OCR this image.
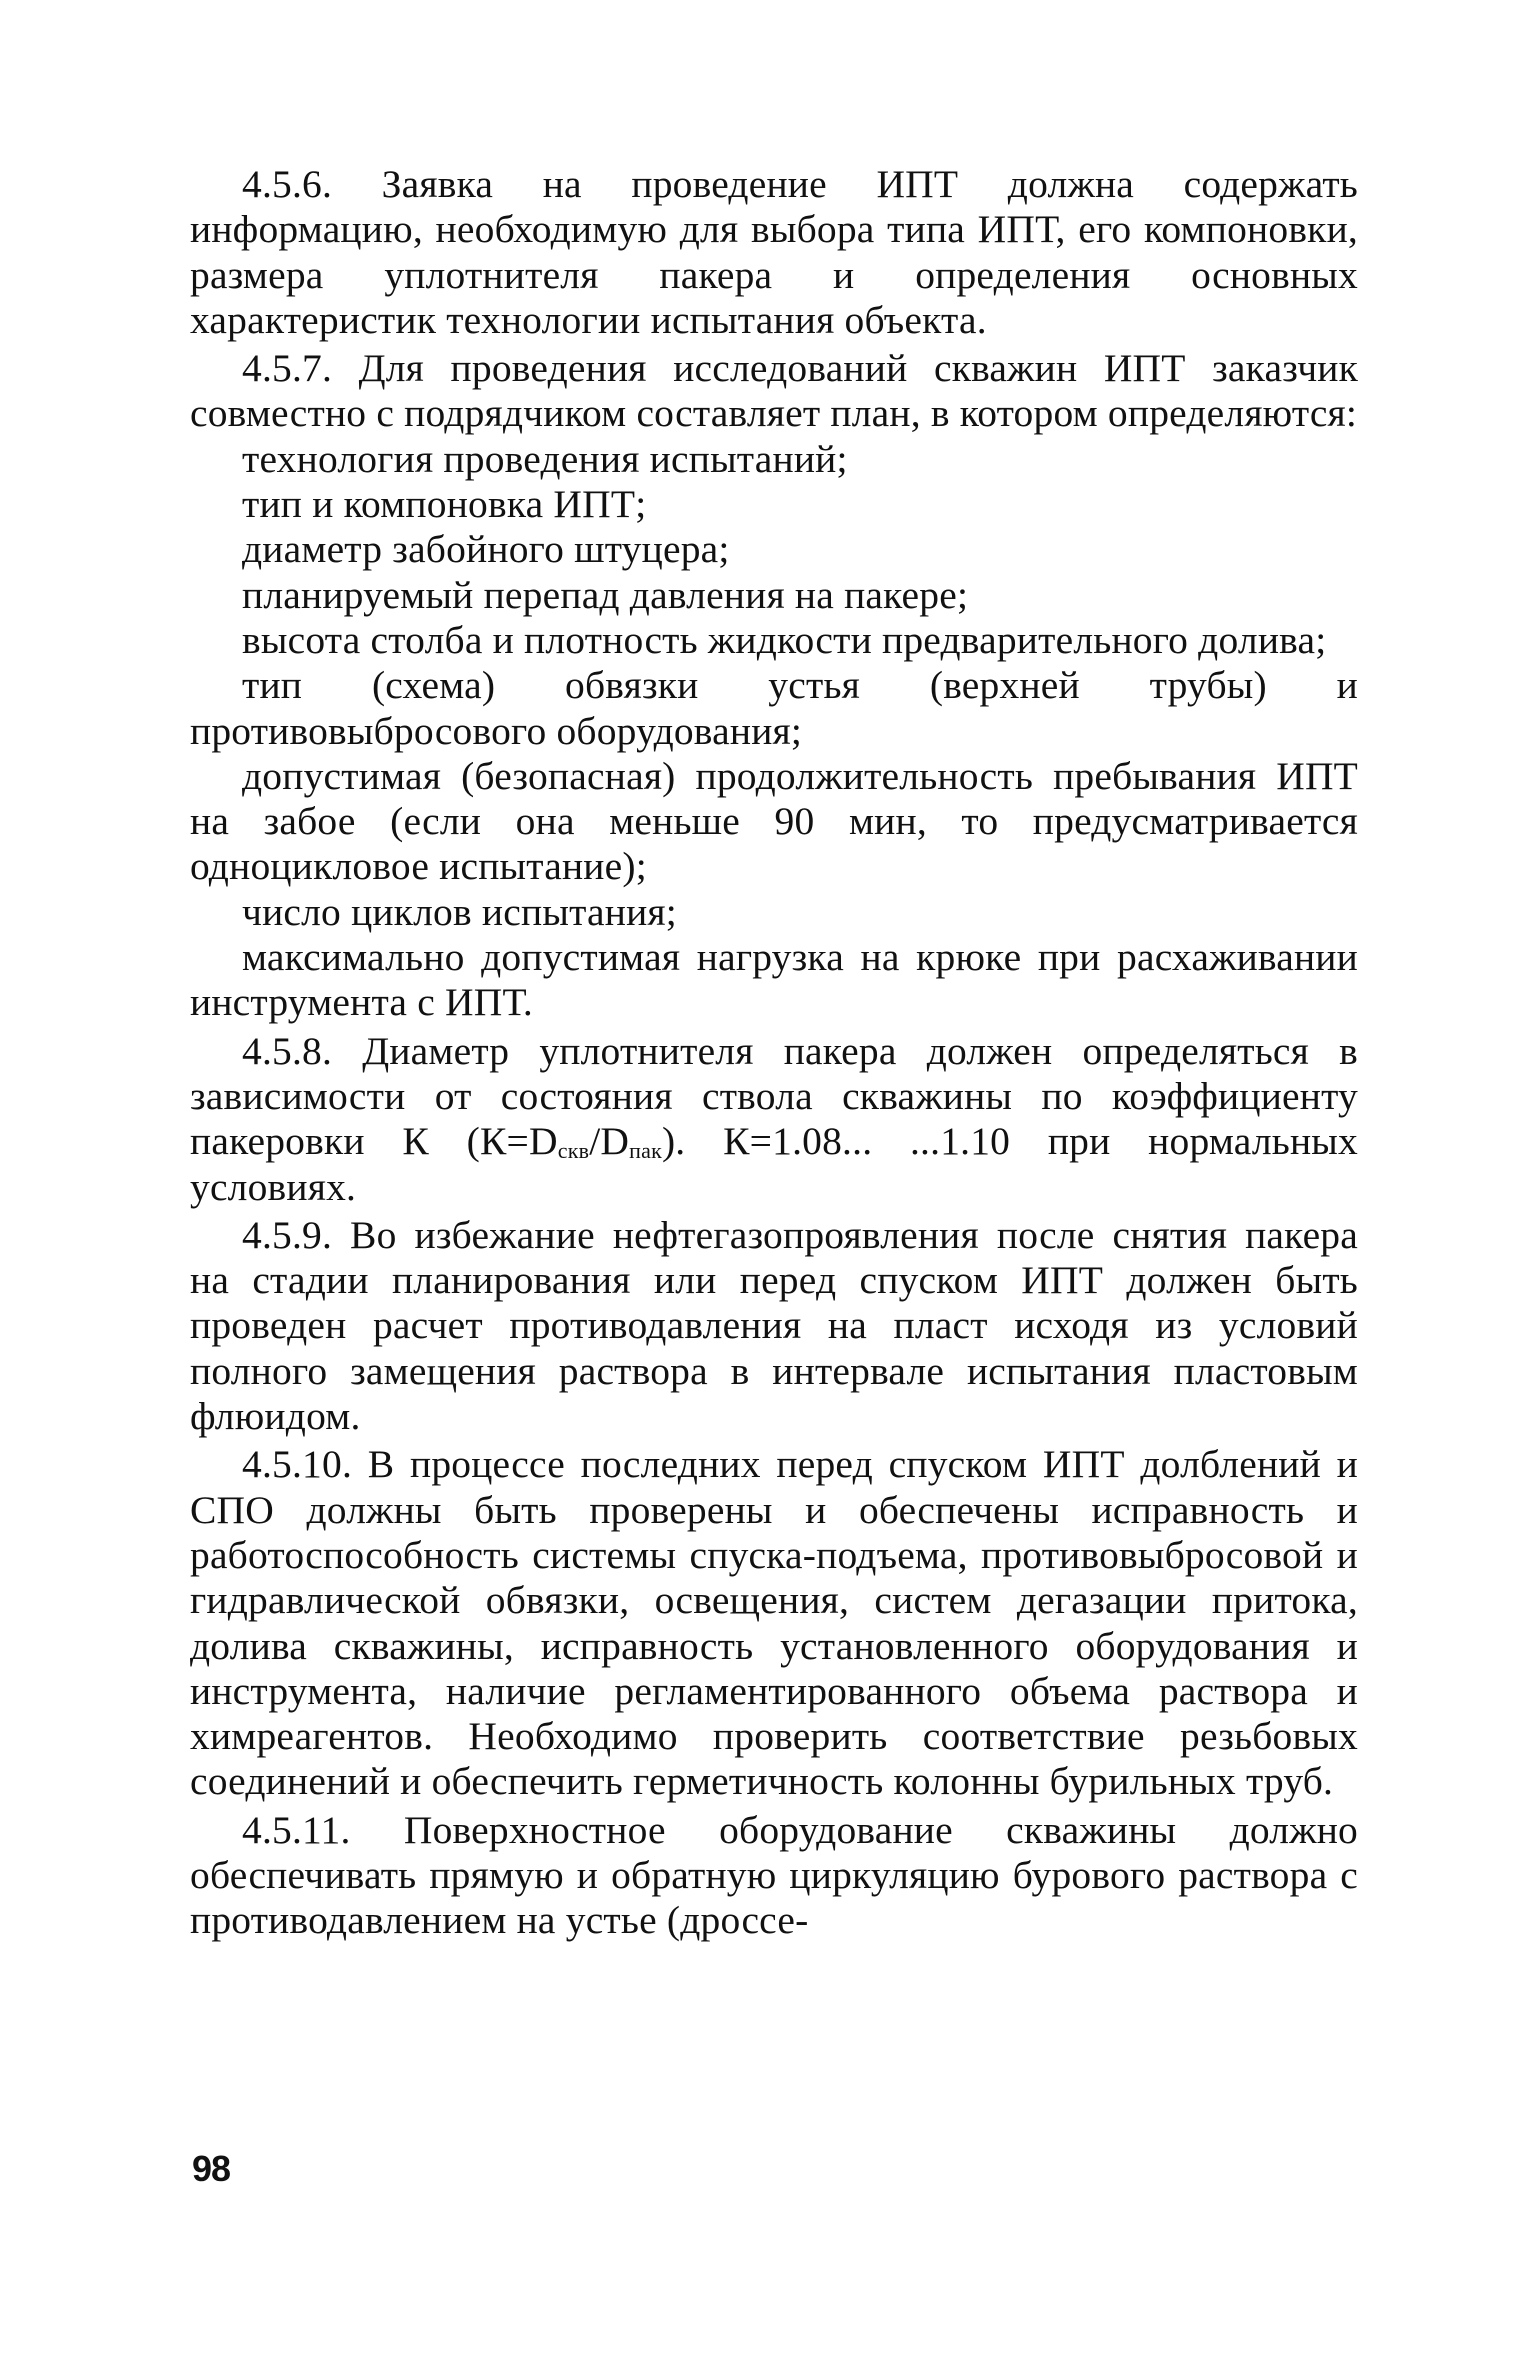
4.5.6. Заявка на проведение ИПТ должна содержать информацию, необходимую для выбора типа ИПТ, его компоновки, размера уплотнителя пакера и определения основных характеристик технологии испытания объекта.

4.5.7. Для проведения исследований скважин ИПТ заказчик совместно с подрядчиком составляет план, в котором определяются:

технология проведения испытаний;

тип и компоновка ИПТ;

диаметр забойного штуцера;

планируемый перепад давления на пакере;

высота столба и плотность жидкости предварительного долива;

тип (схема) обвязки устья (верхней трубы) и противовыбросового оборудования;

допустимая (безопасная) продолжительность пребывания ИПТ на забое (если она меньше 90 мин, то предусматривается одноцикловое испытание);

число циклов испытания;

максимально допустимая нагрузка на крюке при расхаживании инструмента с ИПТ.

4.5.8. Диаметр уплотнителя пакера должен определяться в зависимости от состояния ствола скважины по коэффициенту пакеровки К $(К=D_{скв}/D_{пак})$. К=1.08... ...1.10 при нормальных условиях.

4.5.9. Во избежание нефтегазопроявления после снятия пакера на стадии планирования или перед спуском ИПТ должен быть проведен расчет противодавления на пласт исходя из условий полного замещения раствора в интервале испытания пластовым флюидом.

4.5.10. В процессе последних перед спуском ИПТ долблений и СПО должны быть проверены и обеспечены исправность и работоспособность системы спуска-подъема, противовыбросовой и гидравлической обвязки, освещения, систем дегазации притока, долива скважины, исправность установленного оборудования и инструмента, наличие регламентированного объема раствора и химреагентов. Необходимо проверить соответствие резьбовых соединений и обеспечить герметичность колонны бурильных труб.

4.5.11. Поверхностное оборудование скважины должно обеспечивать прямую и обратную циркуляцию бурового раствора с противодавлением на устье (дроссе-

98
